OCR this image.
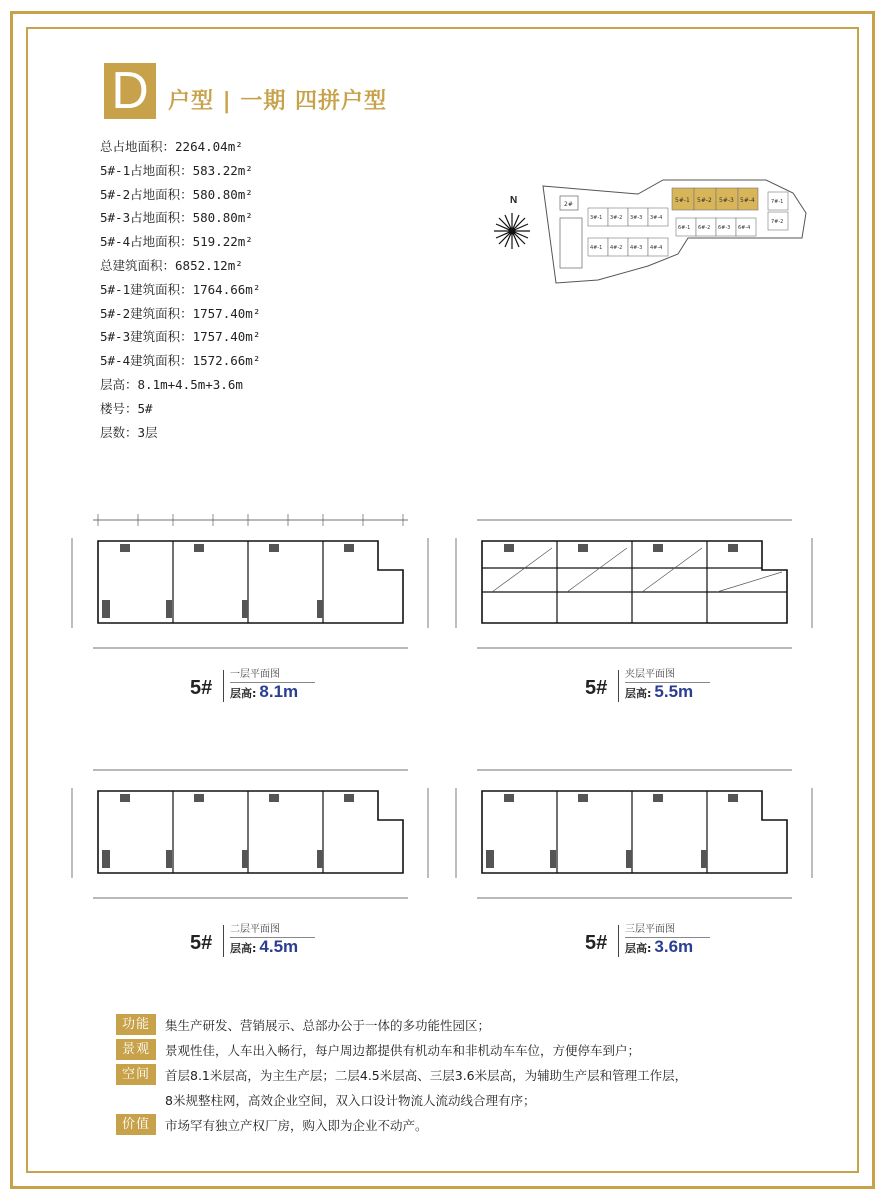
D 户型 | 一期 四拼户型
总占地面积：2264.04m²
5#-1占地面积：583.22m²
5#-2占地面积：580.80m²
5#-3占地面积：580.80m²
5#-4占地面积：519.22m²
总建筑面积：6852.12m²
5#-1建筑面积：1764.66m²
5#-2建筑面积：1757.40m²
5#-3建筑面积：1757.40m²
5#-4建筑面积：1572.66m²
层高：8.1m+4.5m+3.6m
楼号：5#
层数：3层
N	2#
5#-1 5#-2 5#-3 5#-4
3#-1 3#-2 3#-3 3#-4
4#-1 4#-2 4#-3 4#-4
6#-1 6#-2 6#-3 6#-4
7#-1
7#-2
5#
一层平面图
层高: 8.1m	5#
夹层平面图
层高: 5.5m
5#
二层平面图
层高: 4.5m	5#
三层平面图
层高: 3.6m
功能	集生产研发、营销展示、总部办公于一体的多功能性园区；
景观	景观性佳，人车出入畅行，每户周边都提供有机动车和非机动车车位，方便停车到户；
空间	首层8.1米层高，为主生产层；二层4.5米层高、三层3.6米层高，为辅助生产层和管理工作层，
8米规整柱网，高效企业空间，双入口设计物流人流动线合理有序；
价值	市场罕有独立产权厂房，购入即为企业不动产。
